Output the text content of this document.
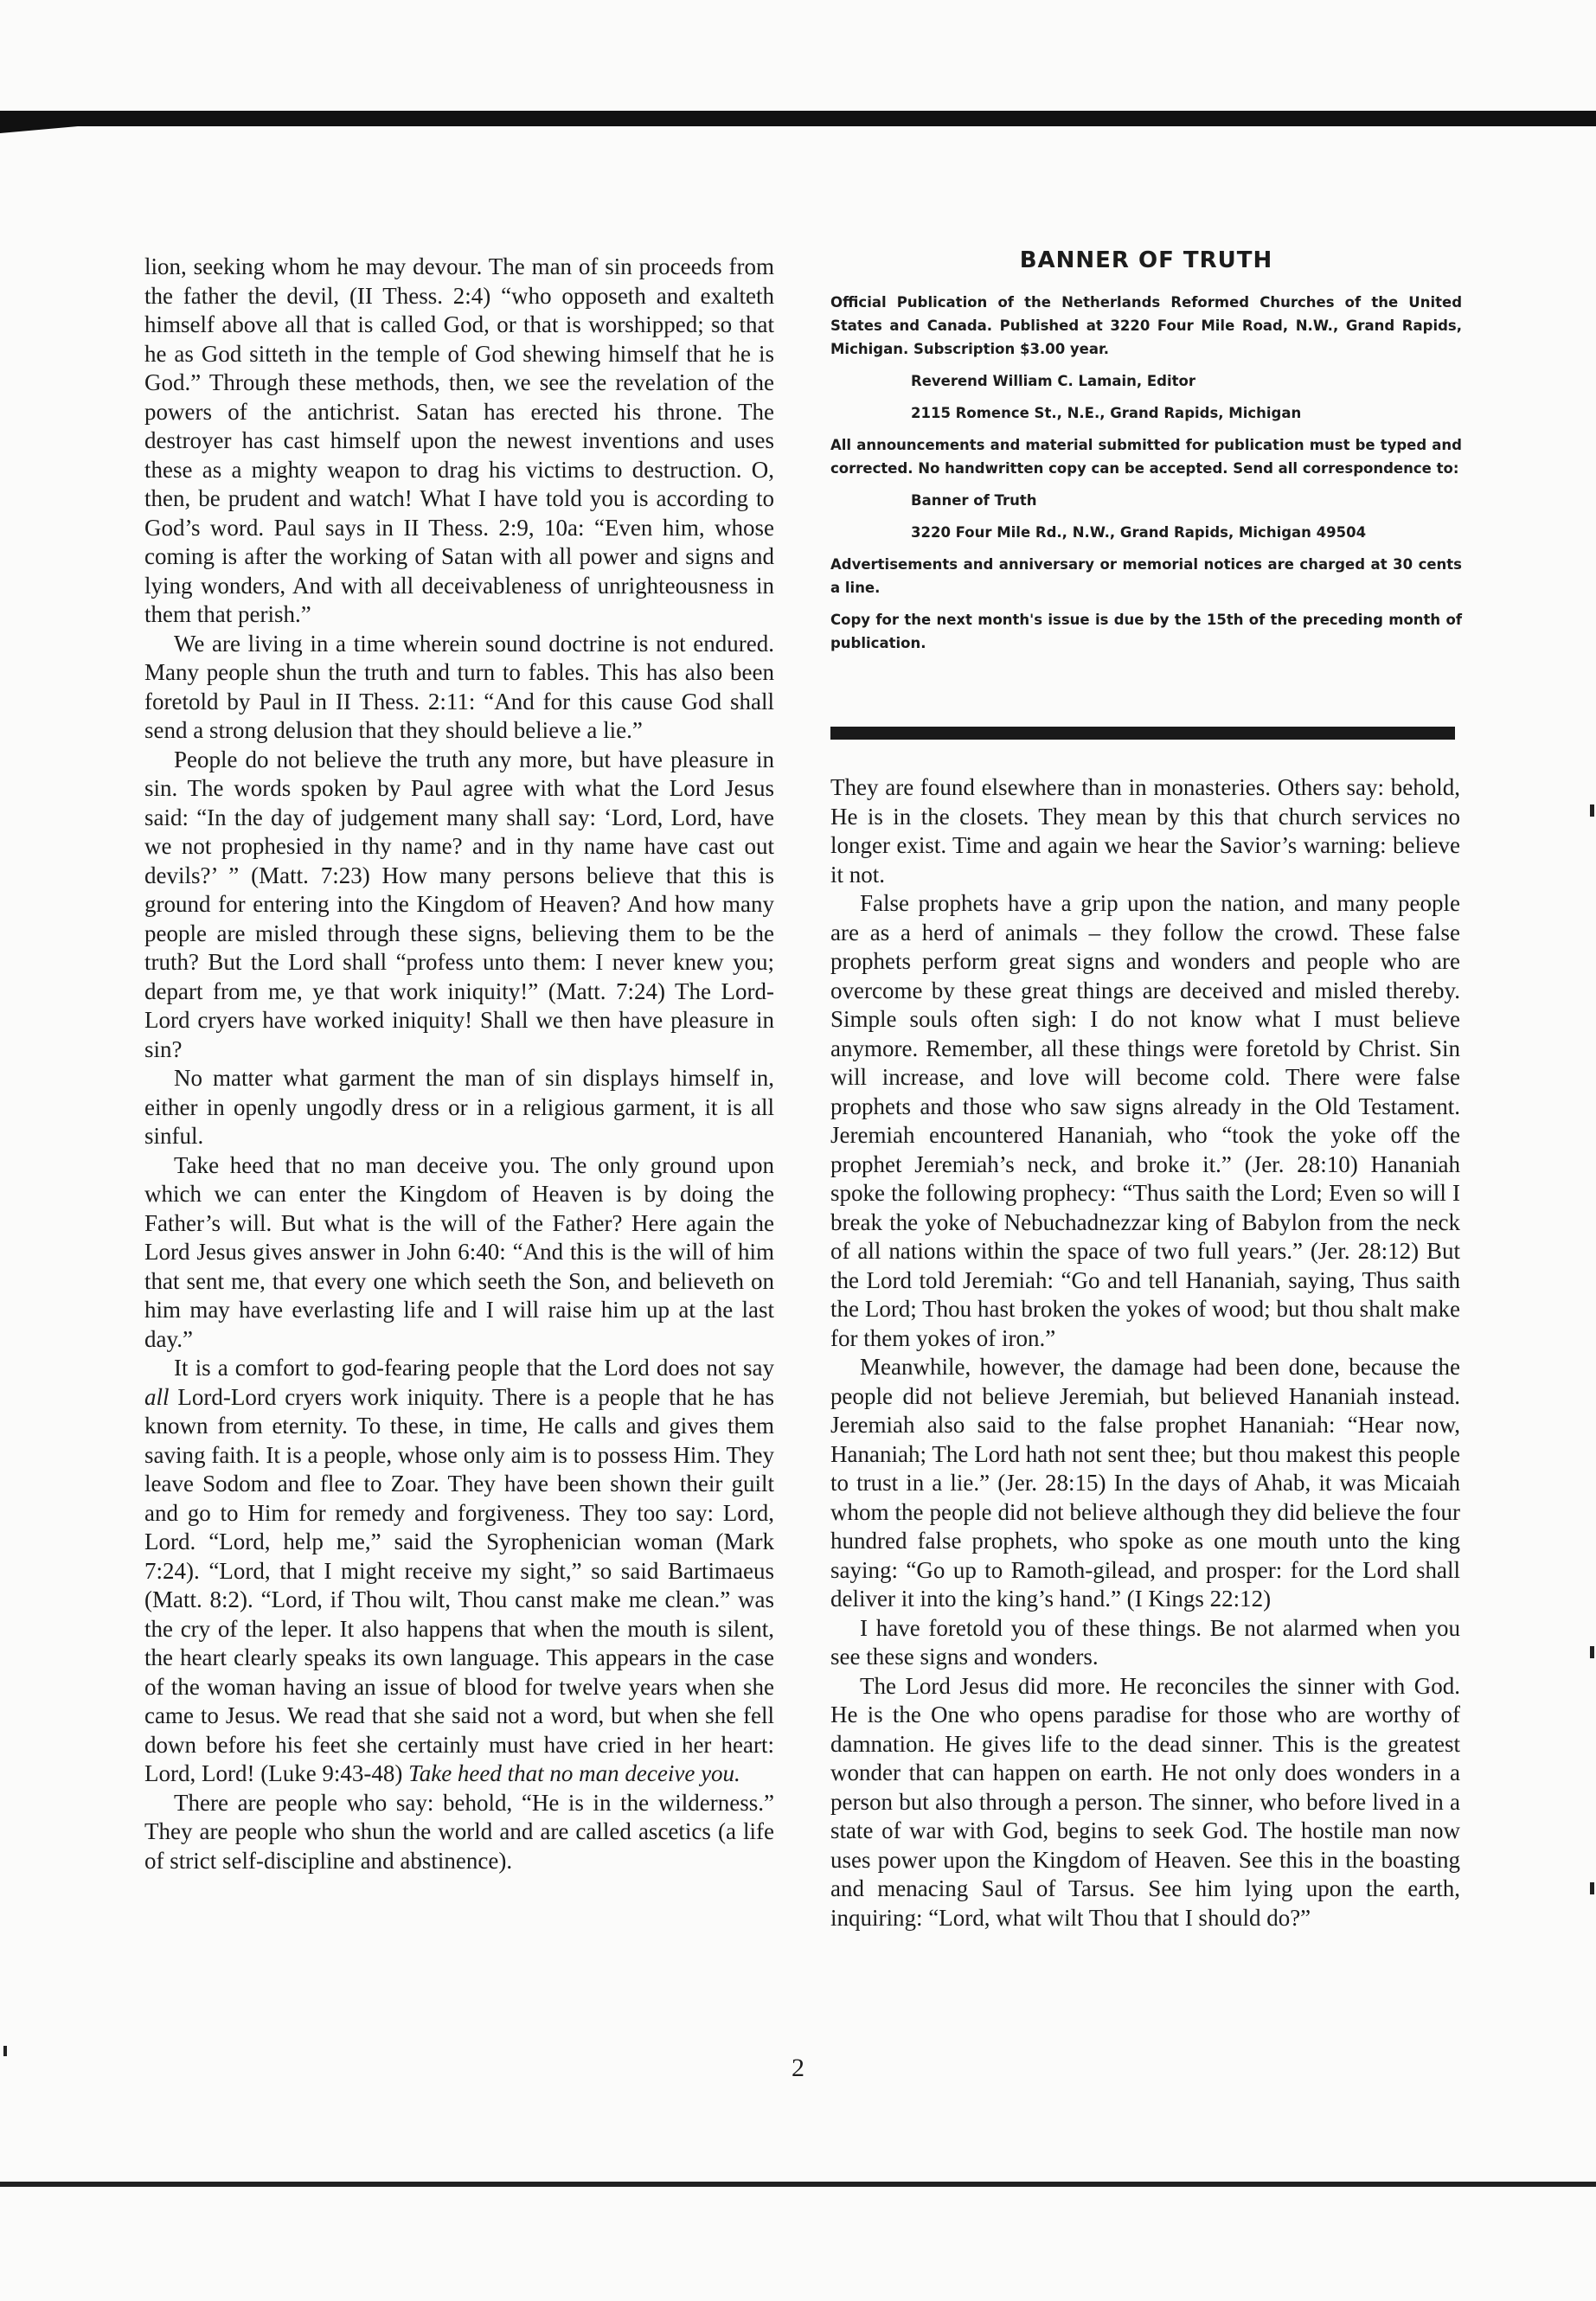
lion, seeking whom he may devour. The man of sin proceeds from the father the devil, (II Thess. 2:4) “who opposeth and exalteth himself above all that is called God, or that is worshipped; so that he as God sitteth in the temple of God shewing himself that he is God.” Through these methods, then, we see the revelation of the powers of the antichrist. Satan has erected his throne. The destroyer has cast himself upon the newest inventions and uses these as a mighty weapon to drag his victims to destruction. O, then, be prudent and watch! What I have told you is according to God’s word. Paul says in II Thess. 2:9, 10a: “Even him, whose coming is after the working of Satan with all power and signs and lying wonders, And with all deceivableness of unrighteousness in them that perish.”

We are living in a time wherein sound doctrine is not endured. Many people shun the truth and turn to fables. This has also been foretold by Paul in II Thess. 2:11: “And for this cause God shall send a strong delusion that they should believe a lie.”

People do not believe the truth any more, but have pleasure in sin. The words spoken by Paul agree with what the Lord Jesus said: “In the day of judgement many shall say: ‘Lord, Lord, have we not prophesied in thy name? and in thy name have cast out devils?’ ” (Matt. 7:23) How many persons believe that this is ground for entering into the Kingdom of Heaven? And how many people are misled through these signs, believing them to be the truth? But the Lord shall “profess unto them: I never knew you; depart from me, ye that work iniquity!” (Matt. 7:24) The Lord-Lord cryers have worked iniquity! Shall we then have pleasure in sin?

No matter what garment the man of sin displays himself in, either in openly ungodly dress or in a religious garment, it is all sinful.

Take heed that no man deceive you. The only ground upon which we can enter the Kingdom of Heaven is by doing the Father’s will. But what is the will of the Father? Here again the Lord Jesus gives answer in John 6:40: “And this is the will of him that sent me, that every one which seeth the Son, and believeth on him may have everlasting life and I will raise him up at the last day.”

It is a comfort to god-fearing people that the Lord does not say all Lord-Lord cryers work iniquity. There is a people that he has known from eternity. To these, in time, He calls and gives them saving faith. It is a people, whose only aim is to possess Him. They leave Sodom and flee to Zoar. They have been shown their guilt and go to Him for remedy and forgiveness. They too say: Lord, Lord. “Lord, help me,” said the Syrophenician woman (Mark 7:24). “Lord, that I might receive my sight,” so said Bartimaeus (Matt. 8:2). “Lord, if Thou wilt, Thou canst make me clean.” was the cry of the leper. It also happens that when the mouth is silent, the heart clearly speaks its own language. This appears in the case of the woman having an issue of blood for twelve years when she came to Jesus. We read that she said not a word, but when she fell down before his feet she certainly must have cried in her heart: Lord, Lord! (Luke 9:43-48) Take heed that no man deceive you.

There are people who say: behold, “He is in the wilderness.” They are people who shun the world and are called ascetics (a life of strict self-discipline and abstinence).

BANNER OF TRUTH
Official Publication of the Netherlands Reformed Churches of the United States and Canada. Published at 3220 Four Mile Road, N.W., Grand Rapids, Michigan. Subscription $3.00 year.
Reverend William C. Lamain, Editor
2115 Romence St., N.E., Grand Rapids, Michigan
All announcements and material submitted for publication must be typed and corrected. No handwritten copy can be accepted. Send all correspondence to:
Banner of Truth
3220 Four Mile Rd., N.W., Grand Rapids, Michigan 49504
Advertisements and anniversary or memorial notices are charged at 30 cents a line.
Copy for the next month's issue is due by the 15th of the preceding month of publication.

They are found elsewhere than in monasteries. Others say: behold, He is in the closets. They mean by this that church services no longer exist. Time and again we hear the Savior’s warning: believe it not.

False prophets have a grip upon the nation, and many people are as a herd of animals – they follow the crowd. These false prophets perform great signs and wonders and people who are overcome by these great things are deceived and misled thereby. Simple souls often sigh: I do not know what I must believe anymore. Remember, all these things were foretold by Christ. Sin will increase, and love will become cold. There were false prophets and those who saw signs already in the Old Testament. Jeremiah encountered Hananiah, who “took the yoke off the prophet Jeremiah’s neck, and broke it.” (Jer. 28:10) Hananiah spoke the following prophecy: “Thus saith the Lord; Even so will I break the yoke of Nebuchadnezzar king of Babylon from the neck of all nations within the space of two full years.” (Jer. 28:12) But the Lord told Jeremiah: “Go and tell Hananiah, saying, Thus saith the Lord; Thou hast broken the yokes of wood; but thou shalt make for them yokes of iron.”

Meanwhile, however, the damage had been done, because the people did not believe Jeremiah, but believed Hananiah instead. Jeremiah also said to the false prophet Hananiah: “Hear now, Hananiah; The Lord hath not sent thee; but thou makest this people to trust in a lie.” (Jer. 28:15) In the days of Ahab, it was Micaiah whom the people did not believe although they did believe the four hundred false prophets, who spoke as one mouth unto the king saying: “Go up to Ramoth-gilead, and prosper: for the Lord shall deliver it into the king’s hand.” (I Kings 22:12)

I have foretold you of these things. Be not alarmed when you see these signs and wonders.

The Lord Jesus did more. He reconciles the sinner with God. He is the One who opens paradise for those who are worthy of damnation. He gives life to the dead sinner. This is the greatest wonder that can happen on earth. He not only does wonders in a person but also through a person. The sinner, who before lived in a state of war with God, begins to seek God. The hostile man now uses power upon the Kingdom of Heaven. See this in the boasting and menacing Saul of Tarsus. See him lying upon the earth, inquiring: “Lord, what wilt Thou that I should do?”

2
